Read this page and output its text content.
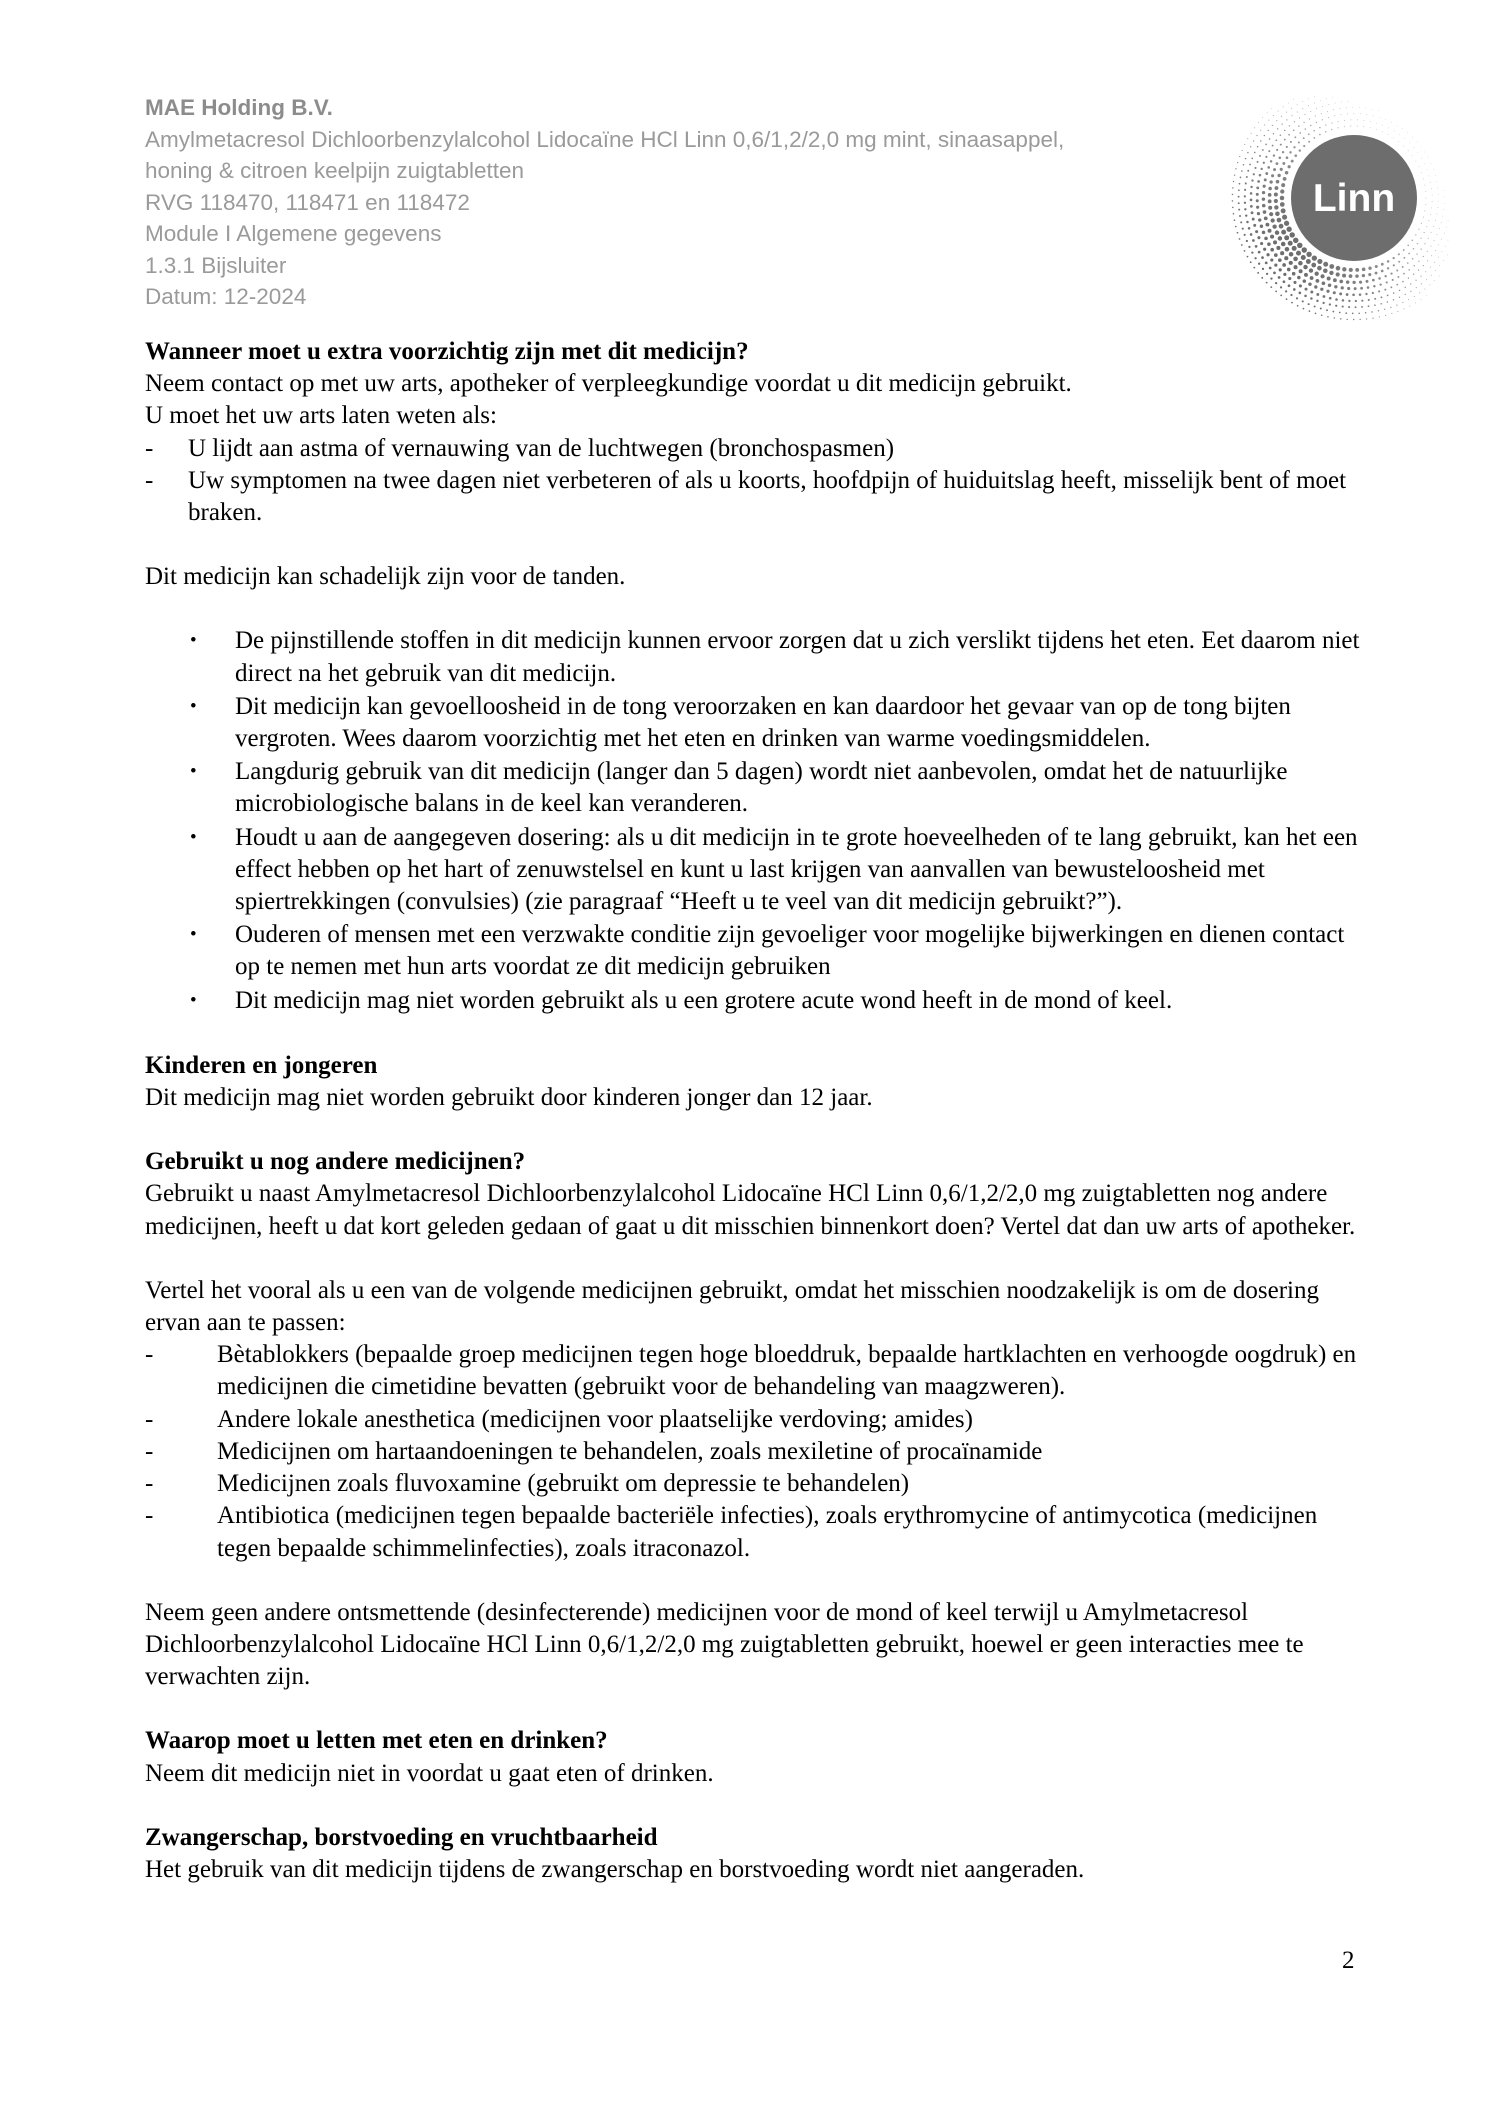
MAE Holding B.V.
Amylmetacresol Dichloorbenzylalcohol Lidocaïne HCl Linn 0,6/1,2/2,0 mg mint, sinaasappel,
honing & citroen keelpijn zuigtabletten
RVG 118470, 118471 en 118472
Module I Algemene gegevens
1.3.1 Bijsluiter
Datum: 12-2024
Linn

Wanneer moet u extra voorzichtig zijn met dit medicijn?

Neem contact op met uw arts, apotheker of verpleegkundige voordat u dit medicijn gebruikt.

U moet het uw arts laten weten als:

- U lijdt aan astma of vernauwing van de luchtwegen (bronchospasmen)
- Uw symptomen na twee dagen niet verbeteren of als u koorts, hoofdpijn of huiduitslag heeft, misselijk bent of moet braken.

Dit medicijn kan schadelijk zijn voor de tanden.

• De pijnstillende stoffen in dit medicijn kunnen ervoor zorgen dat u zich verslikt tijdens het eten. Eet daarom niet direct na het gebruik van dit medicijn.
• Dit medicijn kan gevoelloosheid in de tong veroorzaken en kan daardoor het gevaar van op de tong bijten vergroten. Wees daarom voorzichtig met het eten en drinken van warme voedingsmiddelen.
• Langdurig gebruik van dit medicijn (langer dan 5 dagen) wordt niet aanbevolen, omdat het de natuurlijke microbiologische balans in de keel kan veranderen.
• Houdt u aan de aangegeven dosering: als u dit medicijn in te grote hoeveelheden of te lang gebruikt, kan het een effect hebben op het hart of zenuwstelsel en kunt u last krijgen van aanvallen van bewusteloosheid met spiertrekkingen (convulsies) (zie paragraaf “Heeft u te veel van dit medicijn gebruikt?”).
• Ouderen of mensen met een verzwakte conditie zijn gevoeliger voor mogelijke bijwerkingen en dienen contact op te nemen met hun arts voordat ze dit medicijn gebruiken
• Dit medicijn mag niet worden gebruikt als u een grotere acute wond heeft in de mond of keel.

Kinderen en jongeren

Dit medicijn mag niet worden gebruikt door kinderen jonger dan 12 jaar.

Gebruikt u nog andere medicijnen?

Gebruikt u naast Amylmetacresol Dichloorbenzylalcohol Lidocaïne HCl Linn 0,6/1,2/2,0 mg zuigtabletten nog andere medicijnen, heeft u dat kort geleden gedaan of gaat u dit misschien binnenkort doen? Vertel dat dan uw arts of apotheker.

Vertel het vooral als u een van de volgende medicijnen gebruikt, omdat het misschien noodzakelijk is om de dosering ervan aan te passen:

-	Bètablokkers (bepaalde groep medicijnen tegen hoge bloeddruk, bepaalde hartklachten en verhoogde oogdruk) en medicijnen die cimetidine bevatten (gebruikt voor de behandeling van maagzweren).
-	Andere lokale anesthetica (medicijnen voor plaatselijke verdoving; amides)
-	Medicijnen om hartaandoeningen te behandelen, zoals mexiletine of procaïnamide
-	Medicijnen zoals fluvoxamine (gebruikt om depressie te behandelen)
-	Antibiotica (medicijnen tegen bepaalde bacteriële infecties), zoals erythromycine of antimycotica (medicijnen tegen bepaalde schimmelinfecties), zoals itraconazol.

Neem geen andere ontsmettende (desinfecterende) medicijnen voor de mond of keel terwijl u Amylmetacresol Dichloorbenzylalcohol Lidocaïne HCl Linn 0,6/1,2/2,0 mg zuigtabletten gebruikt, hoewel er geen interacties mee te verwachten zijn.

Waarop moet u letten met eten en drinken?

Neem dit medicijn niet in voordat u gaat eten of drinken.

Zwangerschap, borstvoeding en vruchtbaarheid

Het gebruik van dit medicijn tijdens de zwangerschap en borstvoeding wordt niet aangeraden.

2
